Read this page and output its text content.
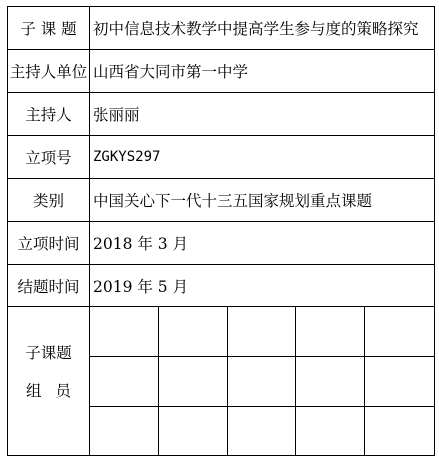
子 课 题 初中信息技术教学中提高学生参与度的策略探究
主持人单位 山西省大同市第一中学
主持人	张丽丽
立项号	ZGKYS297
类别	中国关心下一代十三五国家规划重点课题
立项时间 2018 年 3 月
结题时间 2019 年 5 月
子课题
组员
